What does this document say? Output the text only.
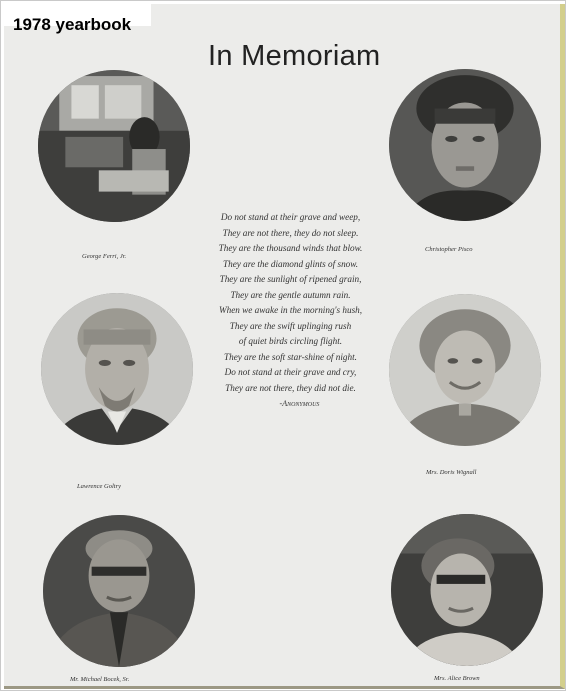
In Memoriam
George Ferri, Jr.
Christopher Pisco
Lawrence Goltry
Mrs. Doris Wignall
Mr. Michael Bocek, Sr.	Mrs. Alice Brown
Do not stand at their grave and weep,
They are not there, they do not sleep.
They are the thousand winds that blow.
They are the diamond glints of snow.
They are the sunlight of ripened grain,
They are the gentle autumn rain.
When we awake in the morning's hush,
They are the swift uplinging rush
of quiet birds circling flight.
They are the soft star-shine of night.
Do not stand at their grave and cry,
They are not there, they did not die.
-Anonymous
1978 yearbook
